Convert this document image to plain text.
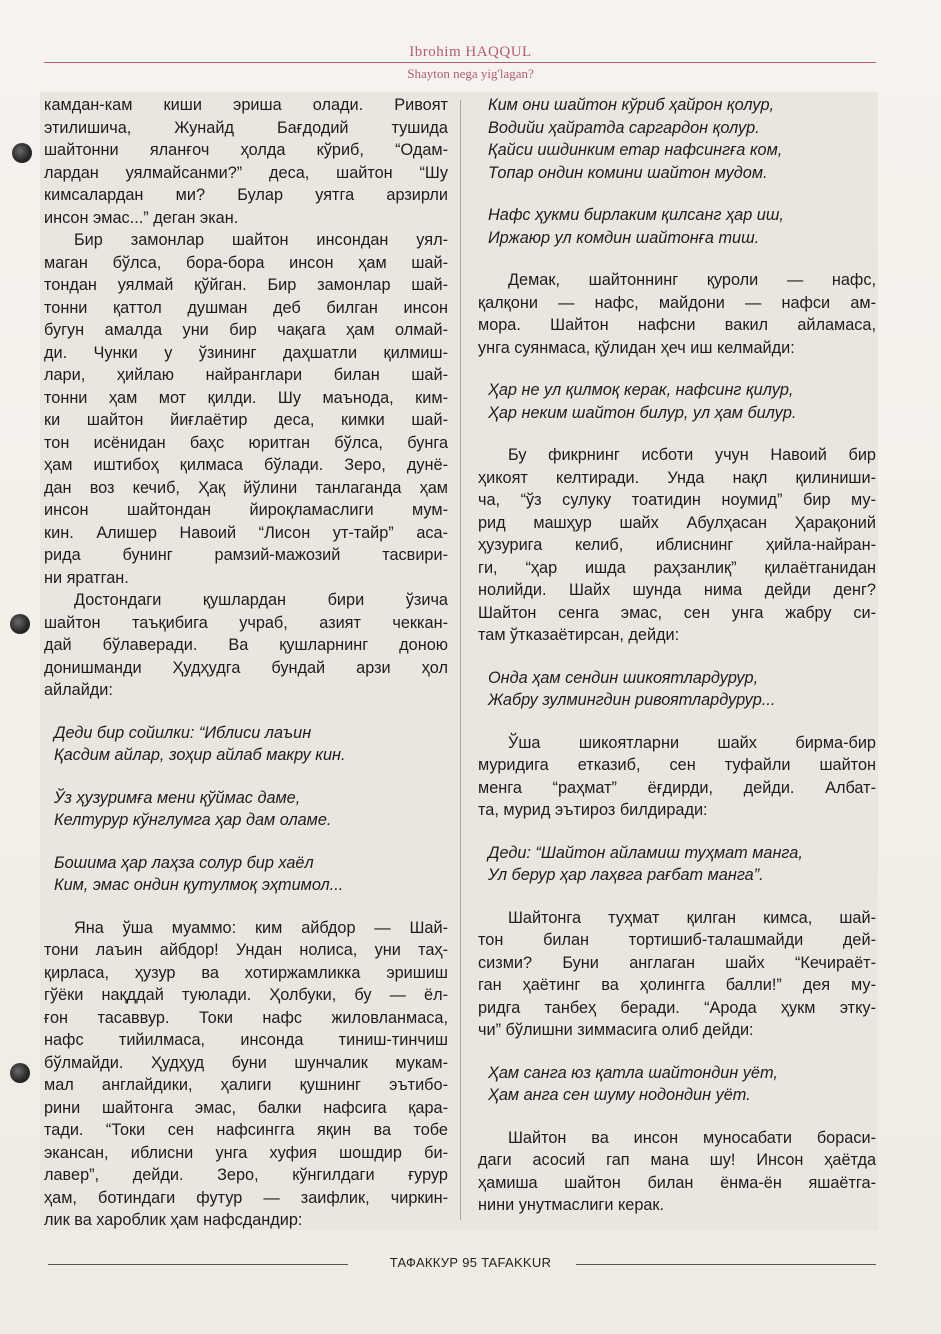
Ibrohim HAQQUL
Shayton nega yig'lagan?
камдан-кам киши эриша олади. Ривоят
этилишича, Жунайд Бағдодий тушида
шайтонни яланғоч ҳолда кўриб, “Одам-
лардан уялмайсанми?” деса, шайтон “Шу
кимсалардан ми? Булар уятга арзирли
инсон эмас...” деган экан.
Бир замонлар шайтон инсондан уял-
маган бўлса, бора-бора инсон ҳам шай-
тондан уялмай қўйган. Бир замонлар шай-
тонни қаттол душман деб билган инсон
бугун амалда уни бир чақага ҳам олмай-
ди. Чунки у ўзининг даҳшатли қилмиш-
лари, ҳийлаю найранглари билан шай-
тонни ҳам мот қилди. Шу маънода, ким-
ки шайтон йиғлаётир деса, кимки шай-
тон исёнидан баҳс юритган бўлса, бунга
ҳам иштибоҳ қилмаса бўлади. Зеро, дунё-
дан воз кечиб, Ҳақ йўлини танлаганда ҳам
инсон шайтондан йироқламаслиги мум-
кин. Алишер Навоий “Лисон ут-тайр” аса-
рида бунинг рамзий-мажозий тасвири-
ни яратган.
Достондаги қушлардан бири ўзича
шайтон таъқибига учраб, азият чеккан-
дай бўлаверади. Ва қушларнинг доною
донишманди Ҳудҳудга бундай арзи ҳол
айлайди:
Деди бир сойилки: “Иблиси лаъин
Қасдим айлар, зоҳир айлаб макру кин.
Ўз ҳузуримға мени қўймас даме,
Келтурур кўнглумга ҳар дам оламе.
Бошима ҳар лаҳза солур бир хаёл
Ким, эмас ондин қутулмоқ эҳтимол...
Яна ўша муаммо: ким айбдор — Шай-
тони лаъин айбдор! Ундан нолиса, уни таҳ-
қирласа, ҳузур ва хотиржамликка эришиш
гўёки нақддай туюлади. Ҳолбуки, бу — ёл-
ғон тасаввур. Токи нафс жиловланмаса,
нафс тийилмаса, инсонда тиниш-тинчиш
бўлмайди. Ҳудҳуд буни шунчалик мукам-
мал англайдики, ҳалиги қушнинг эътибо-
рини шайтонга эмас, балки нафсига қара-
тади. “Токи сен нафсингга яқин ва тобе
экансан, иблисни унга хуфия шошдир би-
лавер”, дейди. Зеро, кўнгилдаги ғурур
ҳам, ботиндаги футур — заифлик, чиркин-
лик ва хароблик ҳам нафсдандир:
Ким они шайтон кўриб ҳайрон қолур,
Водийи ҳайратда саргардон қолур.
Қайси ишдинким етар нафсингға ком,
Топар ондин комини шайтон мудом.
Нафс ҳукми бирлаким қилсанг ҳар иш,
Иржаюр ул комдин шайтонға тиш.
Демак, шайтоннинг қуроли — нафс,
қалқони — нафс, майдони — нафси ам-
мора. Шайтон нафсни вакил айламаса,
унга суянмаса, қўлидан ҳеч иш келмайди:
Ҳар не ул қилмоқ керак, нафсинг қилур,
Ҳар неким шайтон билур, ул ҳам билур.
Бу фикрнинг исботи учун Навоий бир
ҳикоят келтиради. Унда нақл қилиниши-
ча, “ўз сулуку тоатидин ноумид” бир му-
рид машҳур шайх Абулҳасан Ҳарақоний
ҳузурига келиб, иблиснинг ҳийла-найран-
ги, “ҳар ишда раҳзанлиқ” қилаётганидан
нолийди. Шайх шунда нима дейди денг?
Шайтон сенга эмас, сен унга жабру си-
там ўтказаётирсан, дейди:
Онда ҳам сендин шикоятлардурур,
Жабру зулмингдин ривоятлардурур...
Ўша шикоятларни шайх бирма-бир
муридига етказиб, сен туфайли шайтон
менга “раҳмат” ёғдирди, дейди. Албат-
та, мурид эътироз билдиради:
Деди: “Шайтон айламиш туҳмат манга,
Ул берур ҳар лаҳвга рағбат манга”.
Шайтонга туҳмат қилган кимса, шай-
тон билан тортишиб-талашмайди дей-
сизми? Буни англаган шайх “Кечираёт-
ган ҳаётинг ва ҳолингга балли!” дея му-
ридга танбеҳ беради. “Арода ҳукм этку-
чи” бўлишни зиммасига олиб дейди:
Ҳам санга юз қатла шайтондин уёт,
Ҳам анга сен шуму нодондин уёт.
Шайтон ва инсон муносабати бораси-
даги асосий гап мана шу! Инсон ҳаётда
ҳамиша шайтон билан ёнма-ён яшаётга-
нини унутмаслиги керак.
ТАФАККУР 95 TAFAKKUR
